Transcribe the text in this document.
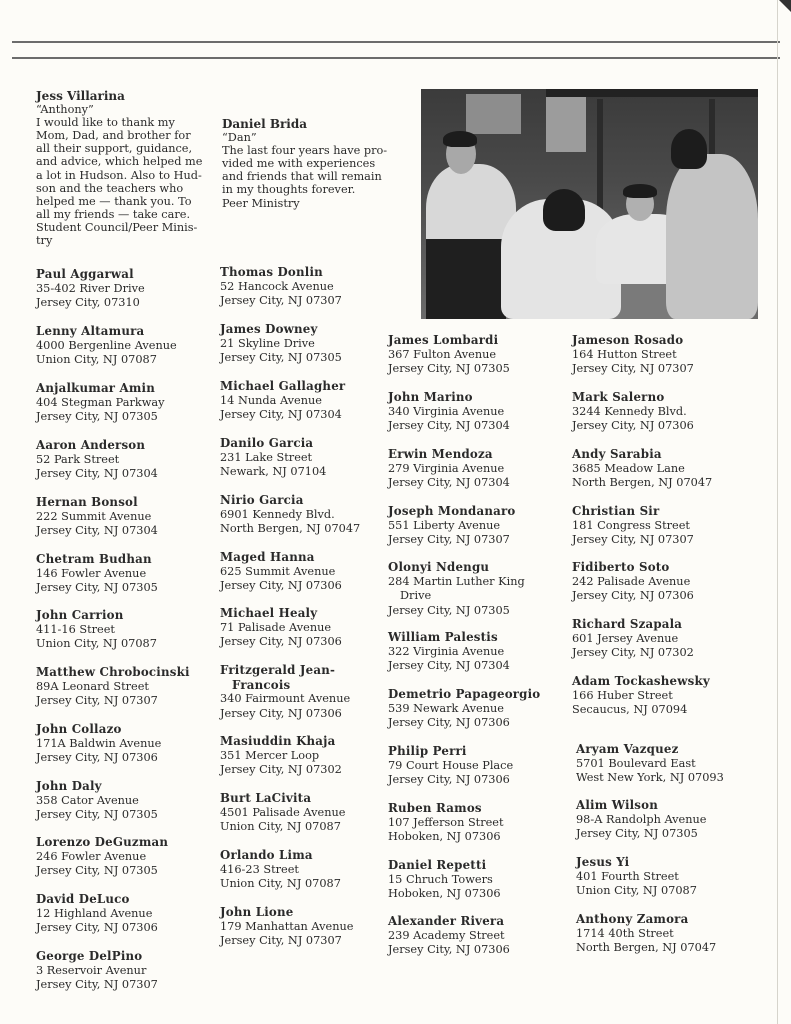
Jess Villarina
“Anthony”
I would like to thank my
Mom, Dad, and brother for
all their support, guidance,
and advice, which helped me
a lot in Hudson. Also to Hud-
son and the teachers who
helped me — thank you. To
all my friends — take care.
Student Council/Peer Minis-
try
Daniel Brida
“Dan”
The last four years have pro-
vided me with experiences
and friends that will remain
in my thoughts forever.
Peer Ministry
Paul Aggarwal
35-402 River Drive
Jersey City, 07310
Lenny Altamura
4000 Bergenline Avenue
Union City, NJ 07087
Anjalkumar Amin
404 Stegman Parkway
Jersey City, NJ 07305
Aaron Anderson
52 Park Street
Jersey City, NJ 07304
Hernan Bonsol
222 Summit Avenue
Jersey City, NJ 07304
Chetram Budhan
146 Fowler Avenue
Jersey City, NJ 07305
John Carrion
411-16 Street
Union City, NJ 07087
Matthew Chrobocinski
89A Leonard Street
Jersey City, NJ 07307
John Collazo
171A Baldwin Avenue
Jersey City, NJ 07306
John Daly
358 Cator Avenue
Jersey City, NJ 07305
Lorenzo DeGuzman
246 Fowler Avenue
Jersey City, NJ 07305
David DeLuco
12 Highland Avenue
Jersey City, NJ 07306
George DelPino
3 Reservoir Avenur
Jersey City, NJ 07307
Thomas Donlin
52 Hancock Avenue
Jersey City, NJ 07307
James Downey
21 Skyline Drive
Jersey City, NJ 07305
Michael Gallagher
14 Nunda Avenue
Jersey City, NJ 07304
Danilo Garcia
231 Lake Street
Newark, NJ 07104
Nirio Garcia
6901 Kennedy Blvd.
North Bergen, NJ 07047
Maged Hanna
625 Summit Avenue
Jersey City, NJ 07306
Michael Healy
71 Palisade Avenue
Jersey City, NJ 07306
Fritzgerald Jean-
Francois
340 Fairmount Avenue
Jersey City, NJ 07306
Masiuddin Khaja
351 Mercer Loop
Jersey City, NJ 07302
Burt LaCivita
4501 Palisade Avenue
Union City, NJ 07087
Orlando Lima
416-23 Street
Union City, NJ 07087
John Lione
179 Manhattan Avenue
Jersey City, NJ 07307
James Lombardi
367 Fulton Avenue
Jersey City, NJ 07305
John Marino
340 Virginia Avenue
Jersey City, NJ 07304
Erwin Mendoza
279 Virginia Avenue
Jersey City, NJ 07304
Joseph Mondanaro
551 Liberty Avenue
Jersey City, NJ 07307
Olonyi Ndengu
284 Martin Luther King
Drive
Jersey City, NJ 07305
William Palestis
322 Virginia Avenue
Jersey City, NJ 07304
Demetrio Papageorgio
539 Newark Avenue
Jersey City, NJ 07306
Philip Perri
79 Court House Place
Jersey City, NJ 07306
Ruben Ramos
107 Jefferson Street
Hoboken, NJ 07306
Daniel Repetti
15 Chruch Towers
Hoboken, NJ 07306
Alexander Rivera
239 Academy Street
Jersey City, NJ 07306
Jameson Rosado
164 Hutton Street
Jersey City, NJ 07307
Mark Salerno
3244 Kennedy Blvd.
Jersey City, NJ 07306
Andy Sarabia
3685 Meadow Lane
North Bergen, NJ 07047
Christian Sir
181 Congress Street
Jersey City, NJ 07307
Fidiberto Soto
242 Palisade Avenue
Jersey City, NJ 07306
Richard Szapala
601 Jersey Avenue
Jersey City, NJ 07302
Adam Tockashewsky
166 Huber Street
Secaucus, NJ 07094
Aryam Vazquez
5701 Boulevard East
West New York, NJ 07093
Alim Wilson
98-A Randolph Avenue
Jersey City, NJ 07305
Jesus Yi
401 Fourth Street
Union City, NJ 07087
Anthony Zamora
1714 40th Street
North Bergen, NJ 07047
